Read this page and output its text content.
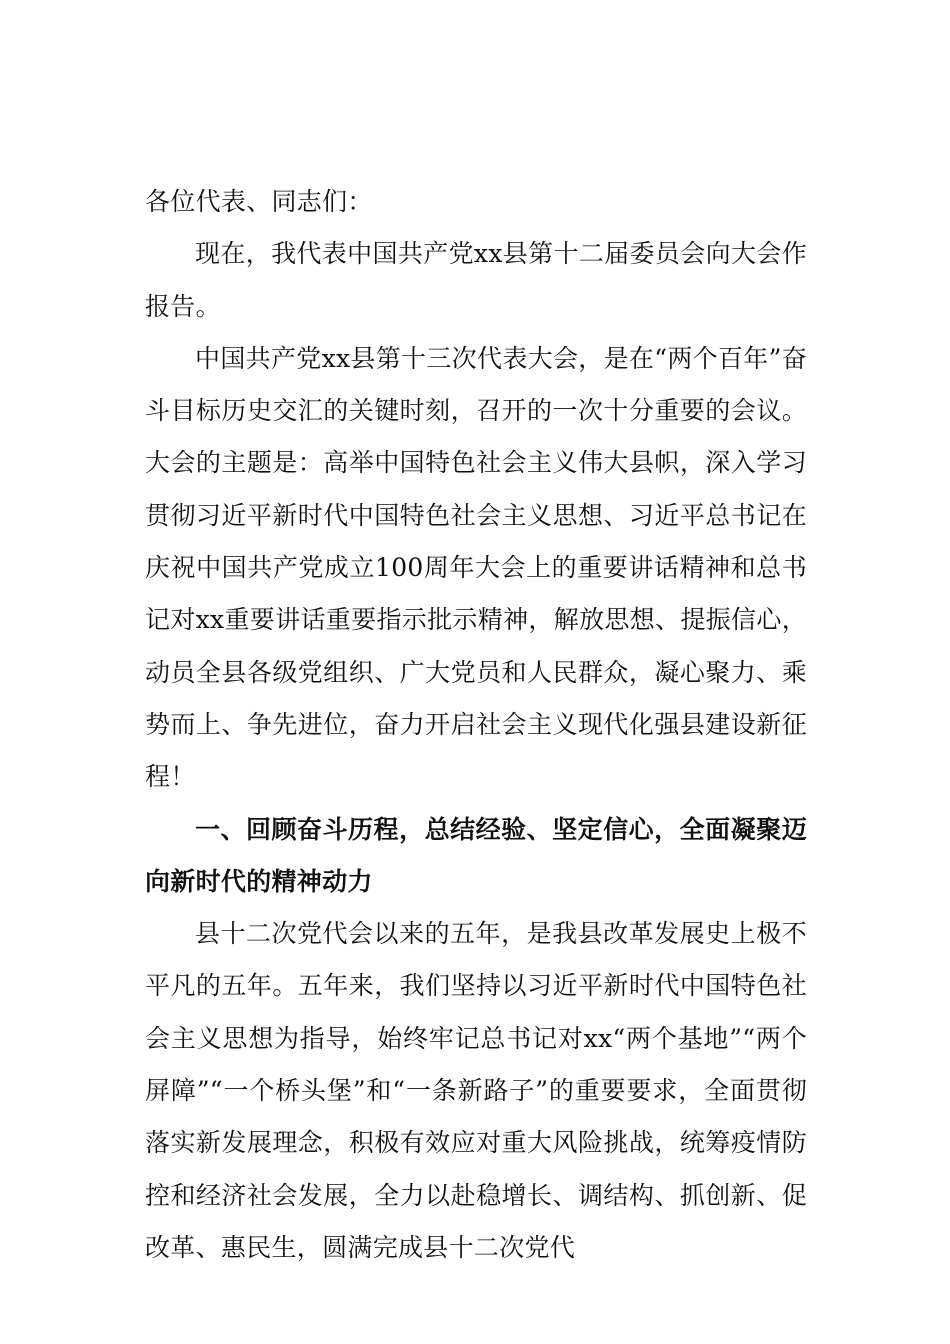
各位代表、同志们：

现在，我代表中国共产党xx县第十二届委员会向大会作报告。

中国共产党xx县第十三次代表大会，是在“两个百年”奋斗目标历史交汇的关键时刻，召开的一次十分重要的会议。大会的主题是：高举中国特色社会主义伟大县帜，深入学习贯彻习近平新时代中国特色社会主义思想、习近平总书记在庆祝中国共产党成立100周年大会上的重要讲话精神和总书记对xx重要讲话重要指示批示精神，解放思想、提振信心，动员全县各级党组织、广大党员和人民群众，凝心聚力、乘势而上、争先进位，奋力开启社会主义现代化强县建设新征程！

一、回顾奋斗历程，总结经验、坚定信心，全面凝聚迈向新时代的精神动力

县十二次党代会以来的五年，是我县改革发展史上极不平凡的五年。五年来，我们坚持以习近平新时代中国特色社会主义思想为指导，始终牢记总书记对xx“两个基地”“两个屏障”“一个桥头堡”和“一条新路子”的重要要求，全面贯彻落实新发展理念，积极有效应对重大风险挑战，统筹疫情防控和经济社会发展，全力以赴稳增长、调结构、抓创新、促改革、惠民生，圆满完成县十二次党代
